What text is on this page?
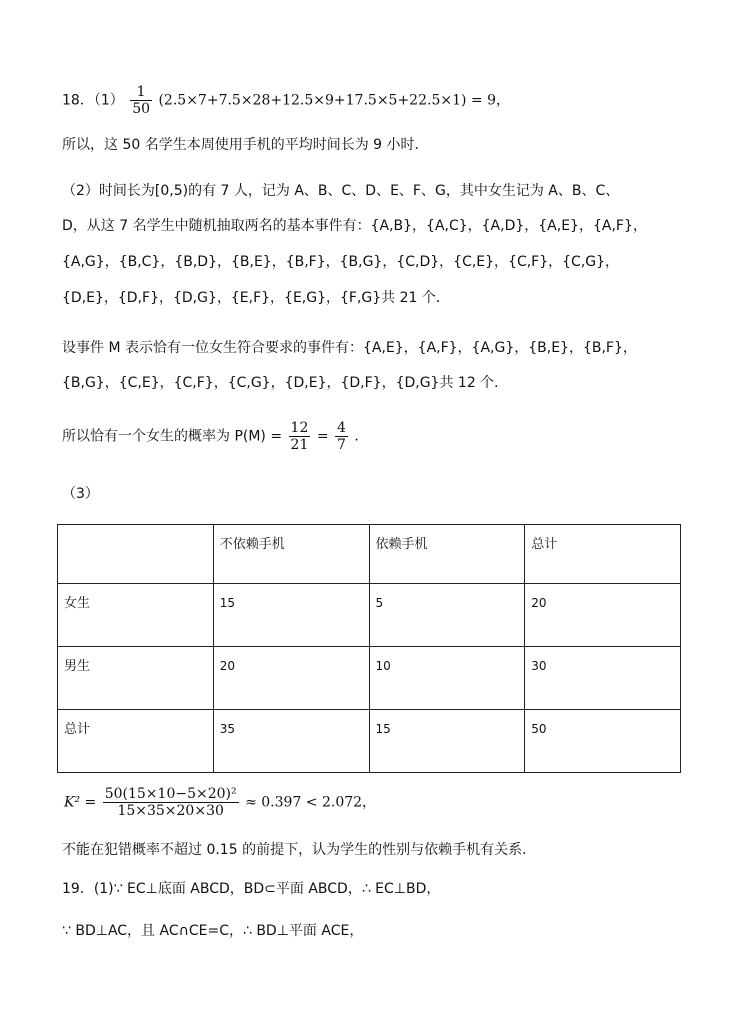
18．$(1) \frac{1}{50} (2.5\times 7+7.5\times 28+12.5\times 9+17.5\times 5+22.5\times 1) = 9$，
所以，这 50 名学生本周使用手机的平均时间长为 9 小时．
（2）时间长为[0,5)的有 7 人，记为 A、B、C、D、E、F、G，其中女生记为 A、B、C、
D，从这 7 名学生中随机抽取两名的基本事件有：{A,B}，{A,C}，{A,D}，{A,E}，{A,F}，
{A,G}，{B,C}，{B,D}，{B,E}，{B,F}，{B,G}，{C,D}，{C,E}，{C,F}，{C,G}，
{D,E}，{D,F}，{D,G}，{E,F}，{E,G}，{F,G}共 21 个．
设事件 M 表示恰有一位女生符合要求的事件有：{A,E}，{A,F}，{A,G}，{B,E}，{B,F}，
{B,G}，{C,E}，{C,F}，{C,G}，{D,E}，{D,F}，{D,G}共 12 个．
所以恰有一个女生的概率为 $P(M) = \frac{12}{21} = \frac{4}{7}$ ．
（3）
	不依赖手机	依赖手机	总计
女生	15	5	20
男生	20	10	30
总计	35	15	50
$K^2 = \frac{\text{50(15×10−5×20)²}}{15\times 35\times 20\times 30} \approx 0.397 < 2.072$，
不能在犯错概率不超过 0.15 的前提下，认为学生的性别与依赖手机有关系．
19．(1)∵ EC⊥底面 ABCD，BD⊂平面 ABCD，∴ EC⊥BD，
∵ BD⊥AC，且 AC∩CE=C，∴ BD⊥平面 ACE，
